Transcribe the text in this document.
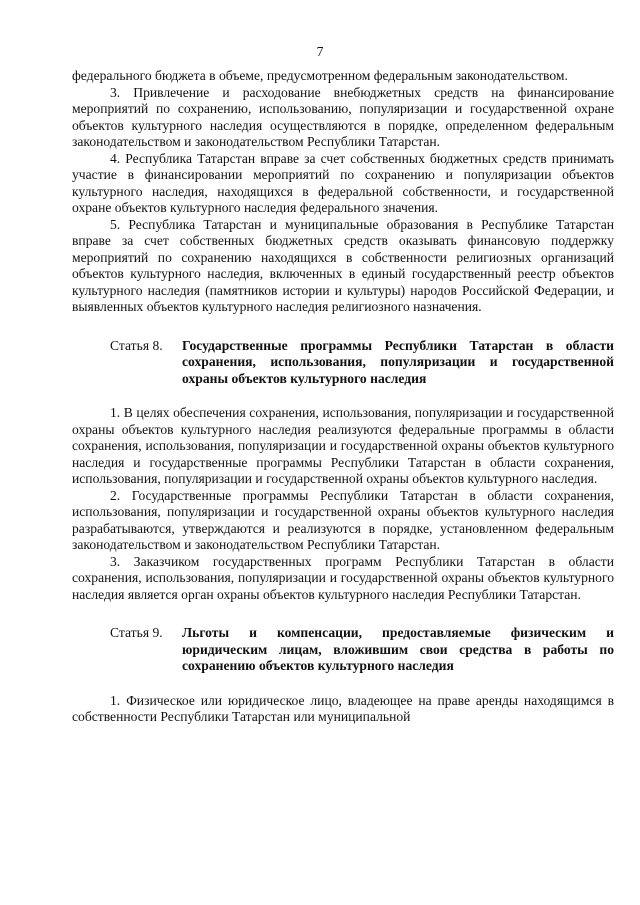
7

федерального бюджета в объеме, предусмотренном федеральным законодательством.

3. Привлечение и расходование внебюджетных средств на финансирование мероприятий по сохранению, использованию, популяризации и государственной охране объектов культурного наследия осуществляются в порядке, определенном федеральным законодательством и законодательством Республики Татарстан.

4. Республика Татарстан вправе за счет собственных бюджетных средств принимать участие в финансировании мероприятий по сохранению и популяризации объектов культурного наследия, находящихся в федеральной собственности, и государственной охране объектов культурного наследия федерального значения.

5. Республика Татарстан и муниципальные образования в Республике Татарстан вправе за счет собственных бюджетных средств оказывать финансовую поддержку мероприятий по сохранению находящихся в собственности религиозных организаций объектов культурного наследия, включенных в единый государственный реестр объектов культурного наследия (памятников истории и культуры) народов Российской Федерации, и выявленных объектов культурного наследия религиозного назначения.

Статья 8.	Государственные программы Республики Татарстан в области сохранения, использования, популяризации и государственной охраны объектов культурного наследия

1. В целях обеспечения сохранения, использования, популяризации и государственной охраны объектов культурного наследия реализуются федеральные программы в области сохранения, использования, популяризации и государственной охраны объектов культурного наследия и государственные программы Республики Татарстан в области сохранения, использования, популяризации и государственной охраны объектов культурного наследия.

2. Государственные программы Республики Татарстан в области сохранения, использования, популяризации и государственной охраны объектов культурного наследия разрабатываются, утверждаются и реализуются в порядке, установленном федеральным законодательством и законодательством Республики Татарстан.

3. Заказчиком государственных программ Республики Татарстан в области сохранения, использования, популяризации и государственной охраны объектов культурного наследия является орган охраны объектов культурного наследия Республики Татарстан.

Статья 9.	Льготы и компенсации, предоставляемые физическим и юридическим лицам, вложившим свои средства в работы по сохранению объектов культурного наследия

1. Физическое или юридическое лицо, владеющее на праве аренды находящимся в собственности Республики Татарстан или муниципальной
